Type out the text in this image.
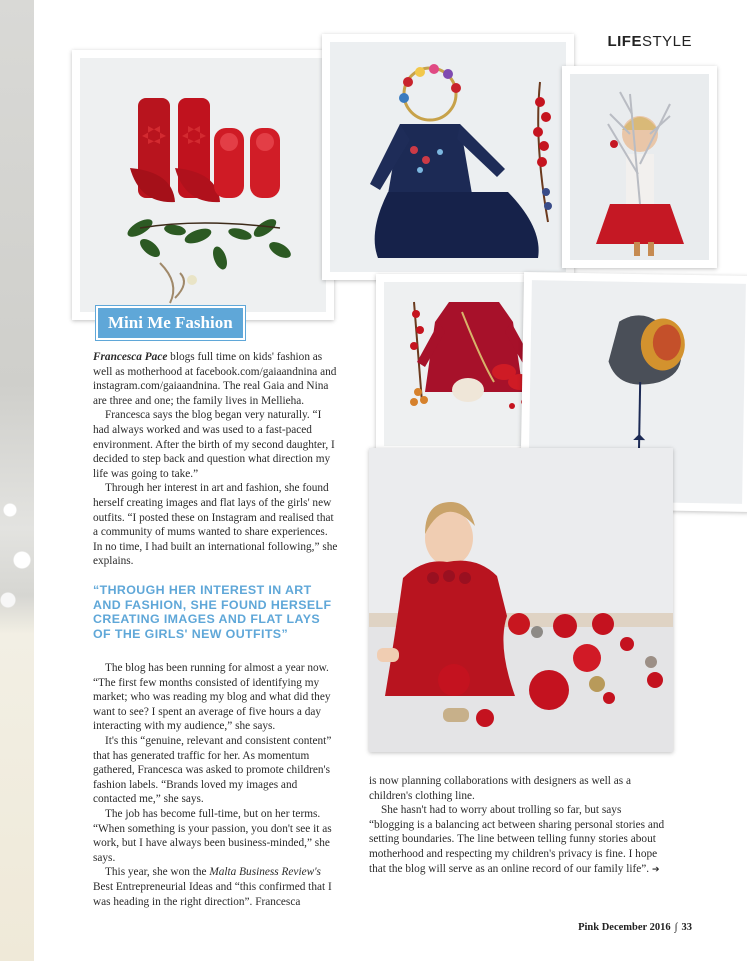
LIFESTYLE
Mini Me Fashion

Francesca Pace blogs full time on kids' fashion as well as motherhood at facebook.com/gaiaandnina and instagram.com/gaiaandnina. The real Gaia and Nina are three and one; the family lives in Mellieha.

Francesca says the blog began very naturally. “I had always worked and was used to a fast-paced environment. After the birth of my second daughter, I decided to step back and question what direction my life was going to take.”

Through her interest in art and fashion, she found herself creating images and flat lays of the girls' new outfits. “I posted these on Instagram and realised that a community of mums wanted to share experiences. In no time, I had built an international following,” she explains.

“THROUGH HER INTEREST IN ART AND FASHION, SHE FOUND HERSELF CREATING IMAGES AND FLAT LAYS OF THE GIRLS' NEW OUTFITS”

The blog has been running for almost a year now. “The first few months consisted of identifying my market; who was reading my blog and what did they want to see? I spent an average of five hours a day interacting with my audience,” she says.

It's this “genuine, relevant and consistent content” that has generated traffic for her. As momentum gathered, Francesca was asked to promote children's fashion labels. “Brands loved my images and contacted me,” she says.

The job has become full-time, but on her terms. “When something is your passion, you don't see it as work, but I have always been business-minded,” she says.

This year, she won the Malta Business Review's Best Entrepreneurial Ideas and “this confirmed that I was heading in the right direction”. Francesca

is now planning collaborations with designers as well as a children's clothing line.

She hasn't had to worry about trolling so far, but says “blogging is a balancing act between sharing personal stories and setting boundaries. The line between telling funny stories about motherhood and respecting my children's privacy is fine. I hope that the blog will serve as an online record of our family life”. ➔

Pink December 2016 ∫ 33
